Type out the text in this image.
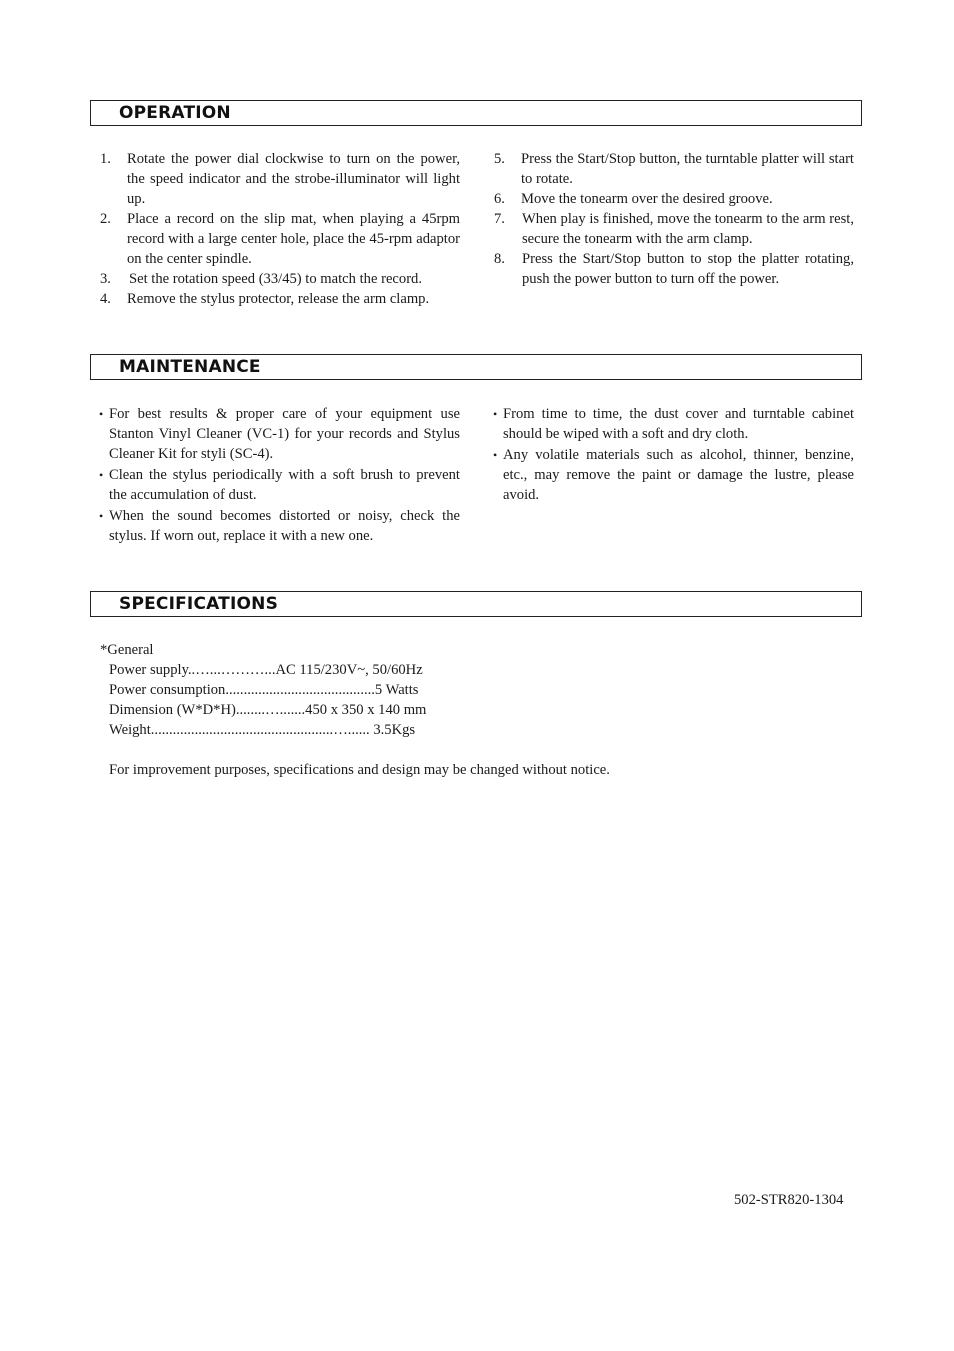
OPERATION
1.	Rotate the power dial clockwise to turn on the power, the speed indicator and the strobe-illuminator will light up.
2.	Place a record on the slip mat, when playing a 45rpm record with a large center hole, place the 45-rpm adaptor on the center spindle.
3.	Set the rotation speed (33/45) to match the record.
4.	Remove the stylus protector, release the arm clamp.
5.	Press the Start/Stop button, the turntable platter will start to rotate.
6.	Move the tonearm over the desired groove.
7.	When play is finished, move the tonearm to the arm rest, secure the tonearm with the arm clamp.
8.	Press the Start/Stop button to stop the platter rotating, push the power button to turn off the power.
MAINTENANCE
• For best results & proper care of your equipment use Stanton Vinyl Cleaner (VC-1) for your records and Stylus Cleaner Kit for styli (SC-4).
• Clean the stylus periodically with a soft brush to prevent the accumulation of dust.
• When the sound becomes distorted or noisy, check the stylus. If worn out, replace it with a new one.
• From time to time, the dust cover and turntable cabinet should be wiped with a soft and dry cloth.
• Any volatile materials such as alcohol, thinner, benzine, etc., may remove the paint or damage the lustre, please avoid.
SPECIFICATIONS
*General
Power supply..…...………...AC 115/230V~, 50/60Hz
Power consumption.........................................5 Watts
Dimension (W*D*H)........….......450 x 350 x 140 mm
Weight..................................................…...... 3.5Kgs
For improvement purposes, specifications and design may be changed without notice.
502-STR820-1304
